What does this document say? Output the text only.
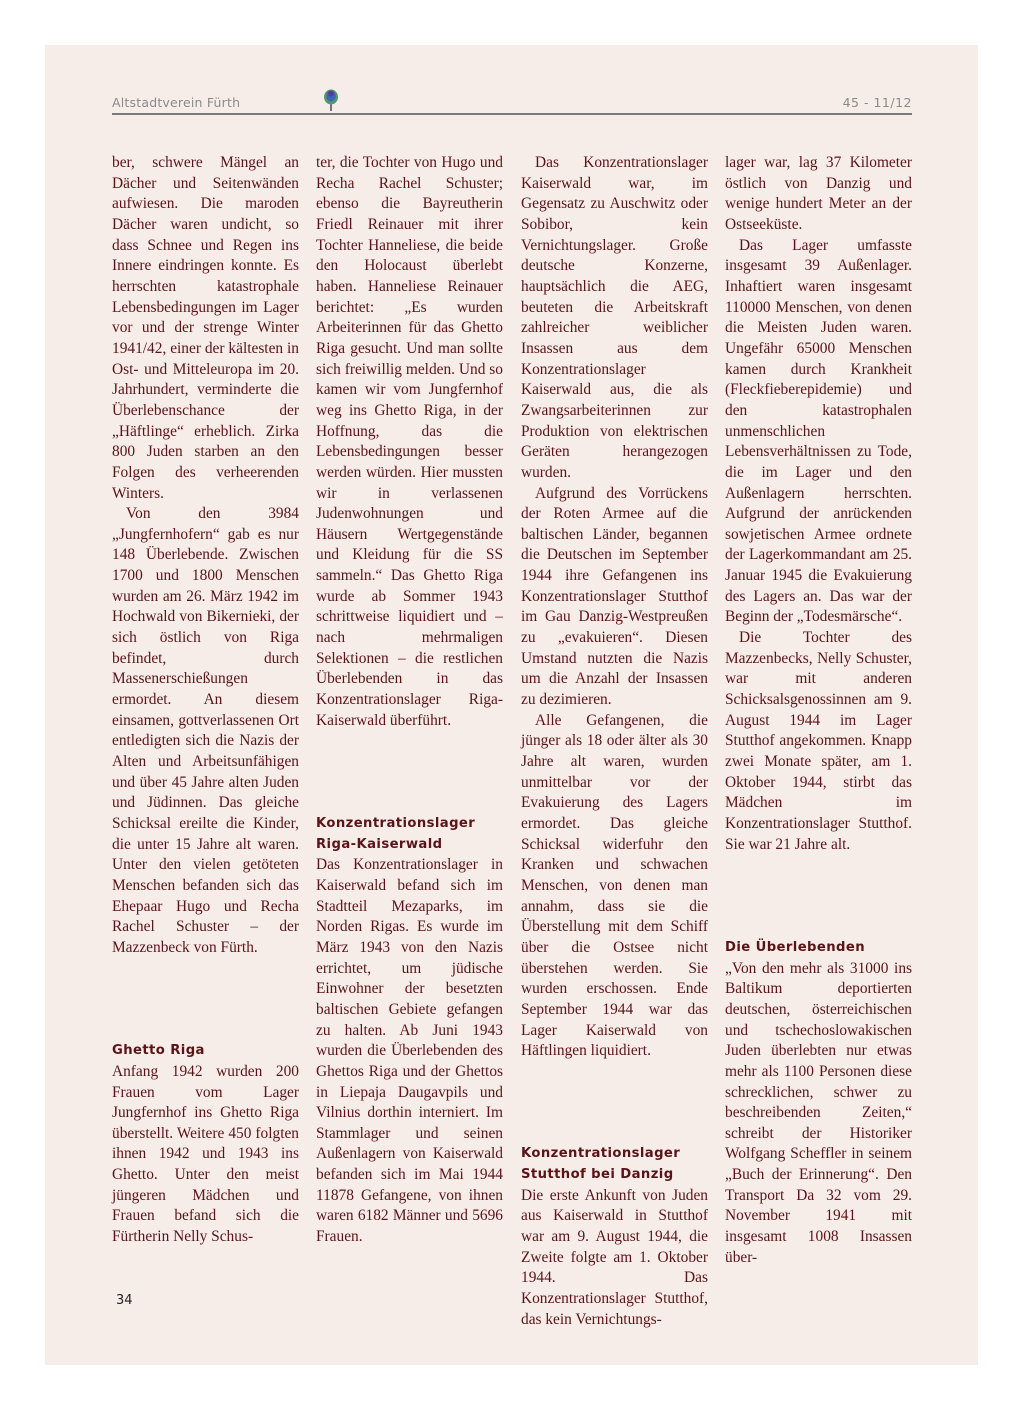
Altstadtverein Fürth	45 - 11/12

ber, schwere Mängel an Dächer und Seitenwänden aufwiesen. Die maroden Dächer waren undicht, so dass Schnee und Regen ins Innere eindringen konnte. Es herrschten katastrophale Lebensbedingungen im Lager vor und der strenge Winter 1941/42, einer der kältesten in Ost- und Mitteleuropa im 20. Jahrhundert, verminderte die Überlebenschance der „Häftlinge“ erheblich. Zirka 800 Juden starben an den Folgen des verheerenden Winters.

Von den 3984 „Jungfernhofern“ gab es nur 148 Überlebende. Zwischen 1700 und 1800 Menschen wurden am 26. März 1942 im Hochwald von Bikernieki, der sich östlich von Riga befindet, durch Massenerschießungen ermordet. An diesem einsamen, gottverlassenen Ort entledigten sich die Nazis der Alten und Arbeitsunfähigen und über 45 Jahre alten Juden und Jüdinnen. Das gleiche Schicksal ereilte die Kinder, die unter 15 Jahre alt waren. Unter den vielen getöteten Menschen befanden sich das Ehepaar Hugo und Recha Rachel Schuster – der Mazzenbeck von Fürth.

Ghetto Riga

Anfang 1942 wurden 200 Frauen vom Lager Jungfernhof ins Ghetto Riga überstellt. Weitere 450 folgten ihnen 1942 und 1943 ins Ghetto. Unter den meist jüngeren Mädchen und Frauen befand sich die Fürtherin Nelly Schus-

ter, die Tochter von Hugo und Recha Rachel Schuster; ebenso die Bayreutherin Friedl Reinauer mit ihrer Tochter Hanneliese, die beide den Holocaust überlebt haben. Hanneliese Reinauer berichtet: „Es wurden Arbeiterinnen für das Ghetto Riga gesucht. Und man sollte sich freiwillig melden. Und so kamen wir vom Jungfernhof weg ins Ghetto Riga, in der Hoffnung, das die Lebensbedingungen besser werden würden. Hier mussten wir in verlassenen Judenwohnungen und Häusern Wertgegenstände und Kleidung für die SS sammeln.“ Das Ghetto Riga wurde ab Sommer 1943 schrittweise liquidiert und – nach mehrmaligen Selektionen – die restlichen Überlebenden in das Konzentrationslager Riga-Kaiserwald überführt.

Konzentrationslager Riga-Kaiserwald

Das Konzentrationslager in Kaiserwald befand sich im Stadtteil Mezaparks, im Norden Rigas. Es wurde im März 1943 von den Nazis errichtet, um jüdische Einwohner der besetzten baltischen Gebiete gefangen zu halten. Ab Juni 1943 wurden die Überlebenden des Ghettos Riga und der Ghettos in Liepaja Daugavpils und Vilnius dorthin interniert. Im Stammlager und seinen Außenlagern von Kaiserwald befanden sich im Mai 1944 11878 Gefangene, von ihnen waren 6182 Männer und 5696 Frauen.

Das Konzentrationslager Kaiserwald war, im Gegensatz zu Auschwitz oder Sobibor, kein Vernichtungslager. Große deutsche Konzerne, hauptsächlich die AEG, beuteten die Arbeitskraft zahlreicher weiblicher Insassen aus dem Konzentrationslager Kaiserwald aus, die als Zwangsarbeiterinnen zur Produktion von elektrischen Geräten herangezogen wurden.

Aufgrund des Vorrückens der Roten Armee auf die baltischen Länder, begannen die Deutschen im September 1944 ihre Gefangenen ins Konzentrationslager Stutthof im Gau Danzig-Westpreußen zu „evakuieren“. Diesen Umstand nutzten die Nazis um die Anzahl der Insassen zu dezimieren.

Alle Gefangenen, die jünger als 18 oder älter als 30 Jahre alt waren, wurden unmittelbar vor der Evakuierung des Lagers ermordet. Das gleiche Schicksal widerfuhr den Kranken und schwachen Menschen, von denen man annahm, dass sie die Überstellung mit dem Schiff über die Ostsee nicht überstehen werden. Sie wurden erschossen. Ende September 1944 war das Lager Kaiserwald von Häftlingen liquidiert.

Konzentrationslager Stutthof bei Danzig

Die erste Ankunft von Juden aus Kaiserwald in Stutthof war am 9. August 1944, die Zweite folgte am 1. Oktober 1944. Das Konzentrationslager Stutthof, das kein Vernichtungs-

lager war, lag 37 Kilometer östlich von Danzig und wenige hundert Meter an der Ostseeküste.

Das Lager umfasste insgesamt 39 Außenlager. Inhaftiert waren insgesamt 110000 Menschen, von denen die Meisten Juden waren. Ungefähr 65000 Menschen kamen durch Krankheit (Fleckfieberepidemie) und den katastrophalen unmenschlichen Lebensverhältnissen zu Tode, die im Lager und den Außenlagern herrschten. Aufgrund der anrückenden sowjetischen Armee ordnete der Lagerkommandant am 25. Januar 1945 die Evakuierung des Lagers an. Das war der Beginn der „Todesmärsche“.

Die Tochter des Mazzenbecks, Nelly Schuster, war mit anderen Schicksalsgenossinnen am 9. August 1944 im Lager Stutthof angekommen. Knapp zwei Monate später, am 1. Oktober 1944, stirbt das Mädchen im Konzentrationslager Stutthof. Sie war 21 Jahre alt.

Die Überlebenden

„Von den mehr als 31000 ins Baltikum deportierten deutschen, österreichischen und tschechoslowakischen Juden überlebten nur etwas mehr als 1100 Personen diese schrecklichen, schwer zu beschreibenden Zeiten,“ schreibt der Historiker Wolfgang Scheffler in seinem „Buch der Erinnerung“. Den Transport Da 32 vom 29. November 1941 mit insgesamt 1008 Insassen über-

34
